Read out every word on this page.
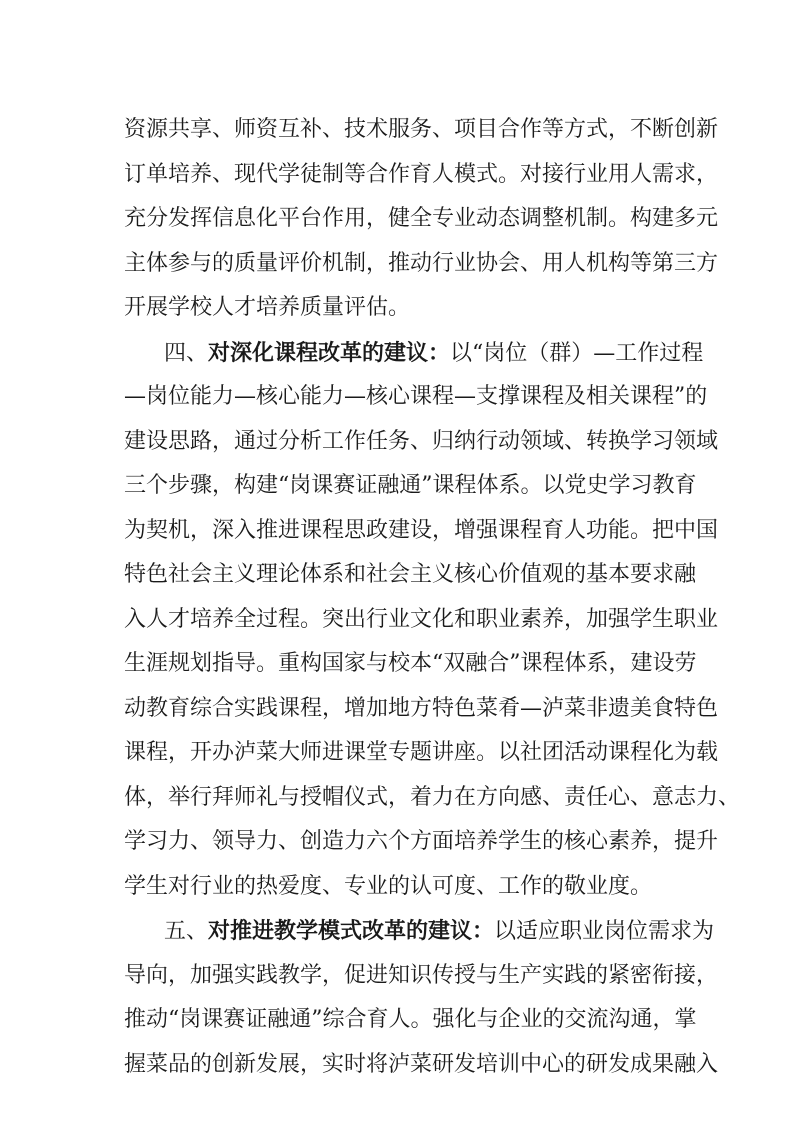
资源共享、师资互补、技术服务、项目合作等方式，不断创新
订单培养、现代学徒制等合作育人模式。对接行业用人需求，
充分发挥信息化平台作用，健全专业动态调整机制。构建多元
主体参与的质量评价机制，推动行业协会、用人机构等第三方
开展学校人才培养质量评估。
四、对深化课程改革的建议：以“岗位（群）—工作过程
—岗位能力—核心能力—核心课程—支撑课程及相关课程”的
建设思路，通过分析工作任务、归纳行动领域、转换学习领域
三个步骤，构建“岗课赛证融通”课程体系。以党史学习教育
为契机，深入推进课程思政建设，增强课程育人功能。把中国
特色社会主义理论体系和社会主义核心价值观的基本要求融
入人才培养全过程。突出行业文化和职业素养，加强学生职业
生涯规划指导。重构国家与校本“双融合”课程体系，建设劳
动教育综合实践课程，增加地方特色菜肴—泸菜非遗美食特色
课程，开办泸菜大师进课堂专题讲座。以社团活动课程化为载
体，举行拜师礼与授帽仪式，着力在方向感、责任心、意志力、
学习力、领导力、创造力六个方面培养学生的核心素养，提升
学生对行业的热爱度、专业的认可度、工作的敬业度。
五、对推进教学模式改革的建议：以适应职业岗位需求为
导向，加强实践教学，促进知识传授与生产实践的紧密衔接，
推动“岗课赛证融通”综合育人。强化与企业的交流沟通，掌
握菜品的创新发展，实时将泸菜研发培训中心的研发成果融入
